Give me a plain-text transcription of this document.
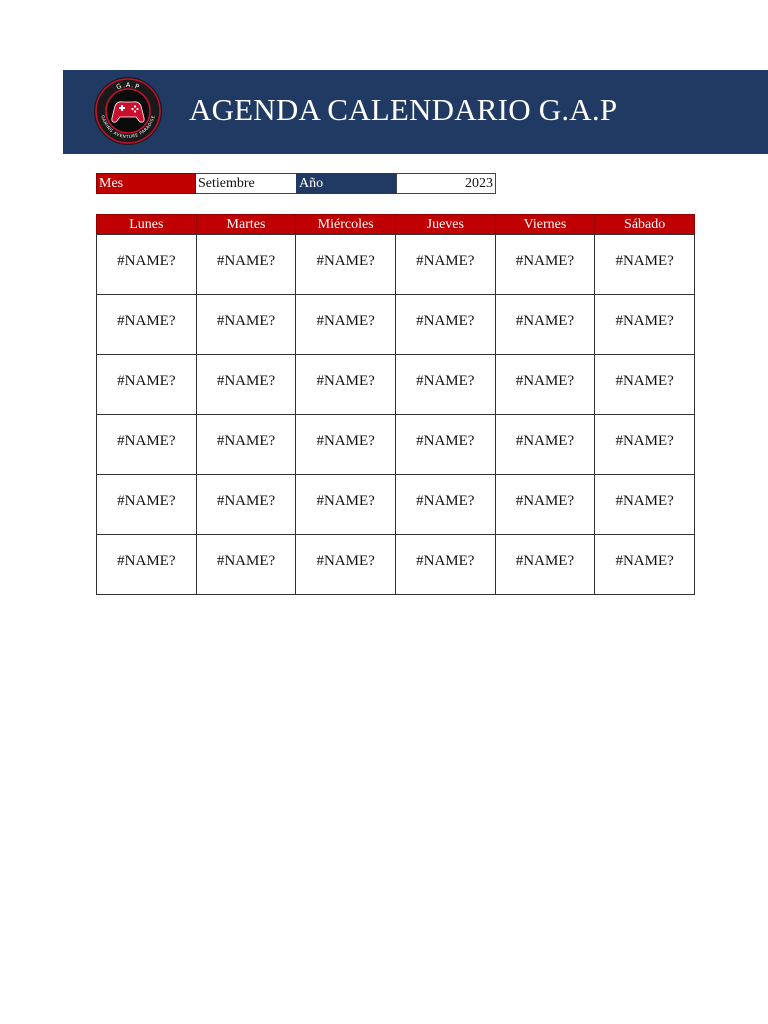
G.A.P
GAMING AVENTURE PARADISE AGENDA CALENDARIO G.A.P
Mes	Setiembre	Año	2023
Lunes	Martes	Miércoles	Jueves	Viernes	Sábado
#NAME?	#NAME?	#NAME?	#NAME?	#NAME?	#NAME?
#NAME?	#NAME?	#NAME?	#NAME?	#NAME?	#NAME?
#NAME?	#NAME?	#NAME?	#NAME?	#NAME?	#NAME?
#NAME?	#NAME?	#NAME?	#NAME?	#NAME?	#NAME?
#NAME?	#NAME?	#NAME?	#NAME?	#NAME?	#NAME?
#NAME?	#NAME?	#NAME?	#NAME?	#NAME?	#NAME?
